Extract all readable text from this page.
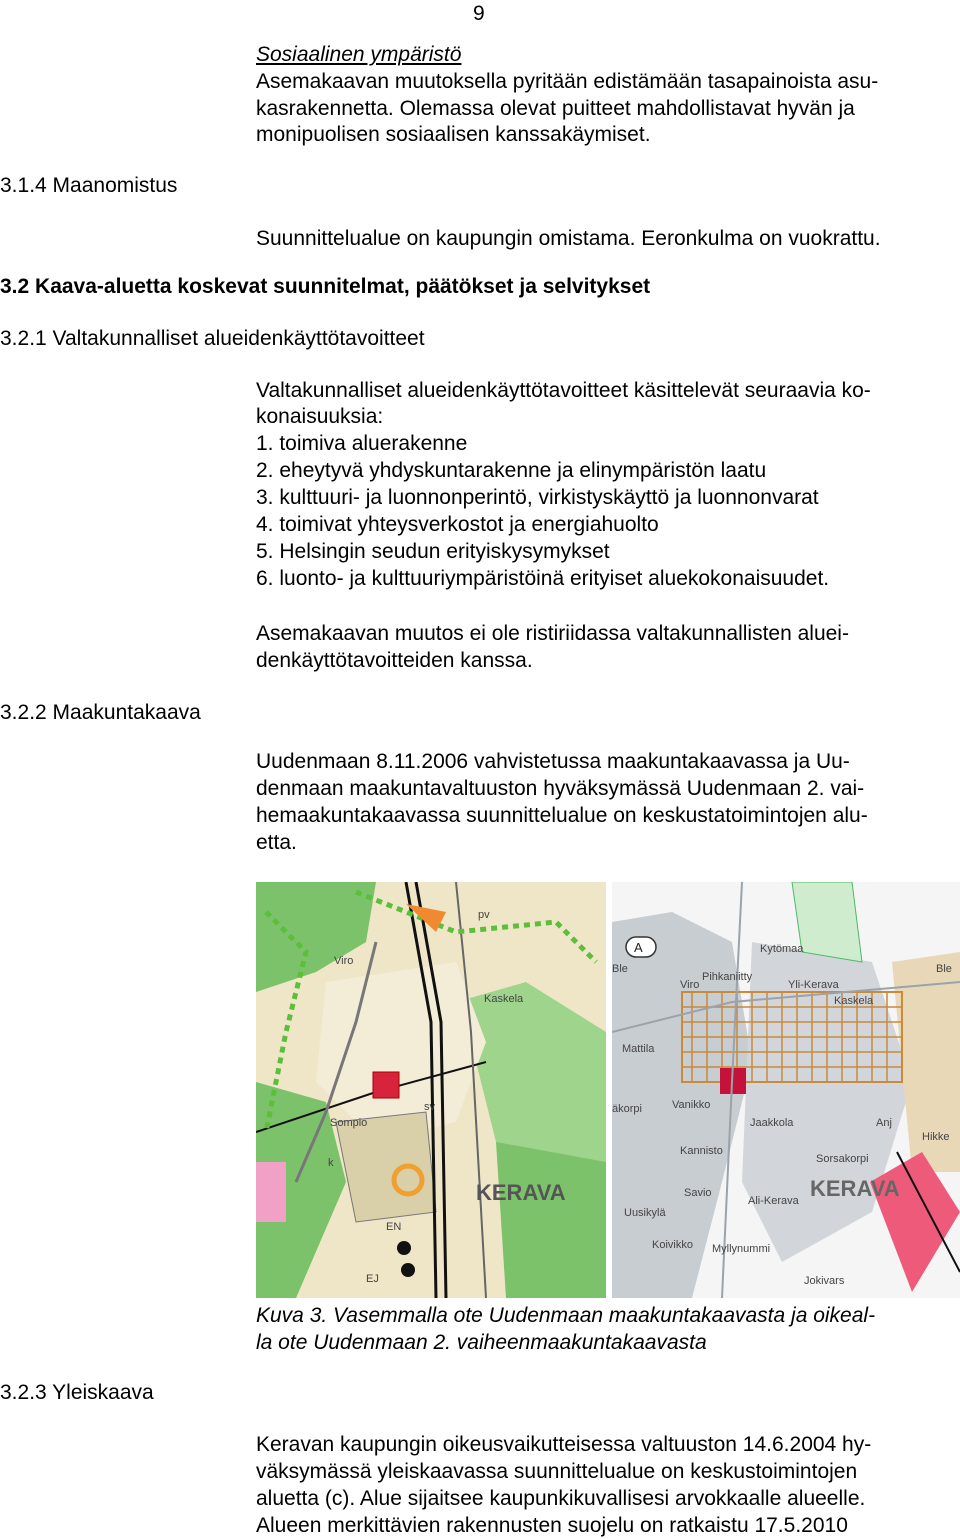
9
Sosiaalinen ympäristö
Asemakaavan muutoksella pyritään edistämään tasapainoista asu-
kasrakennetta. Olemassa olevat puitteet mahdollistavat hyvän ja
monipuolisen sosiaalisen kanssakäymiset.
3.1.4 Maanomistus
Suunnittelualue on kaupungin omistama. Eeronkulma on vuokrattu.
3.2 Kaava-aluetta koskevat suunnitelmat, päätökset ja selvitykset
3.2.1 Valtakunnalliset alueidenkäyttötavoitteet
Valtakunnalliset alueidenkäyttötavoitteet käsittelevät seuraavia ko-
konaisuuksia:
1. toimiva aluerakenne
2. eheytyvä yhdyskuntarakenne ja elinympäristön laatu
3. kulttuuri- ja luonnonperintö, virkistyskäyttö ja luonnonvarat
4. toimivat yhteysverkostot ja energiahuolto
5. Helsingin seudun erityiskysymykset
6. luonto- ja kulttuuriympäristöinä erityiset aluekokonaisuudet.
Asemakaavan muutos ei ole ristiriidassa valtakunnallisten aluei-
denkäyttötavoitteiden kanssa.
3.2.2 Maakuntakaava
Uudenmaan 8.11.2006 vahvistetussa maakuntakaavassa ja Uu-
denmaan maakuntavaltuuston hyväksymässä Uudenmaan 2. vai-
hemaakuntakaavassa suunnittelualue on keskustatoimintojen alu-
etta.
pv
Viro
Kaskela
Sompio
sv
k
EN
EJ
KERAVA
A	Kytömaa
Ble
Pihkaniitty
Viro	Yli-Kerava
Ble
Kaskela
Mattila
Vanikko
Jaakkola	Anj
Hikke
äkorpi
Kannisto
Sorsakorpi
Savio
Ali-Kerava
Uusikylä
KERAVA
Koivikko Myllynummi
Jokivars
Kuva 3. Vasemmalla ote Uudenmaan maakuntakaavasta ja oikeal-
la ote Uudenmaan 2. vaiheenmaakuntakaavasta
3.2.3 Yleiskaava
Keravan kaupungin oikeusvaikutteisessa valtuuston 14.6.2004 hy-
väksymässä yleiskaavassa suunnittelualue on keskustoimintojen
aluetta (c). Alue sijaitsee kaupunkikuvallisesi arvokkaalle alueelle.
Alueen merkittävien rakennusten suojelu on ratkaistu 17.5.2010
